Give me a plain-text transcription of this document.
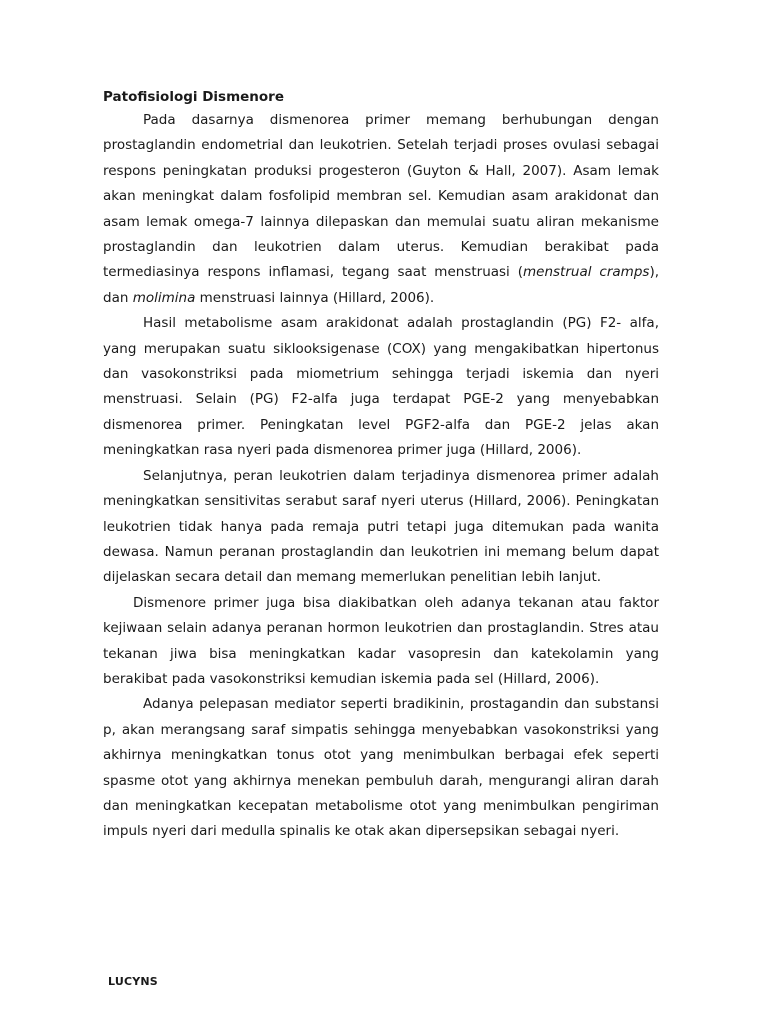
Patofisiologi Dismenore

Pada dasarnya dismenorea primer memang berhubungan dengan prostaglandin endometrial dan leukotrien. Setelah terjadi proses ovulasi sebagai respons peningkatan produksi progesteron (Guyton & Hall, 2007). Asam lemak akan meningkat dalam fosfolipid membran sel. Kemudian asam arakidonat dan asam lemak omega-7 lainnya dilepaskan dan memulai suatu aliran mekanisme prostaglandin dan leukotrien dalam uterus. Kemudian berakibat pada termediasinya respons inflamasi, tegang saat menstruasi (menstrual cramps), dan molimina menstruasi lainnya (Hillard, 2006).

Hasil metabolisme asam arakidonat adalah prostaglandin (PG) F2- alfa, yang merupakan suatu siklooksigenase (COX) yang mengakibatkan hipertonus dan vasokonstriksi pada miometrium sehingga terjadi iskemia dan nyeri menstruasi. Selain (PG) F2-alfa juga terdapat PGE-2 yang menyebabkan dismenorea primer. Peningkatan level PGF2-alfa dan PGE-2 jelas akan meningkatkan rasa nyeri pada dismenorea primer juga (Hillard, 2006).

Selanjutnya, peran leukotrien dalam terjadinya dismenorea primer adalah meningkatkan sensitivitas serabut saraf nyeri uterus (Hillard, 2006). Peningkatan leukotrien tidak hanya pada remaja putri tetapi juga ditemukan pada wanita dewasa. Namun peranan prostaglandin dan leukotrien ini memang belum dapat dijelaskan secara detail dan memang memerlukan penelitian lebih lanjut.

Dismenore primer juga bisa diakibatkan oleh adanya tekanan atau faktor kejiwaan selain adanya peranan hormon leukotrien dan prostaglandin. Stres atau tekanan jiwa bisa meningkatkan kadar vasopresin dan katekolamin yang berakibat pada vasokonstriksi kemudian iskemia pada sel (Hillard, 2006).

Adanya pelepasan mediator seperti bradikinin, prostagandin dan substansi p, akan merangsang saraf simpatis sehingga menyebabkan vasokonstriksi yang akhirnya meningkatkan tonus otot yang menimbulkan berbagai efek seperti spasme otot yang akhirnya menekan pembuluh darah, mengurangi aliran darah dan meningkatkan kecepatan metabolisme otot yang menimbulkan pengiriman impuls nyeri dari medulla spinalis ke otak akan dipersepsikan sebagai nyeri.

LUCYNS
